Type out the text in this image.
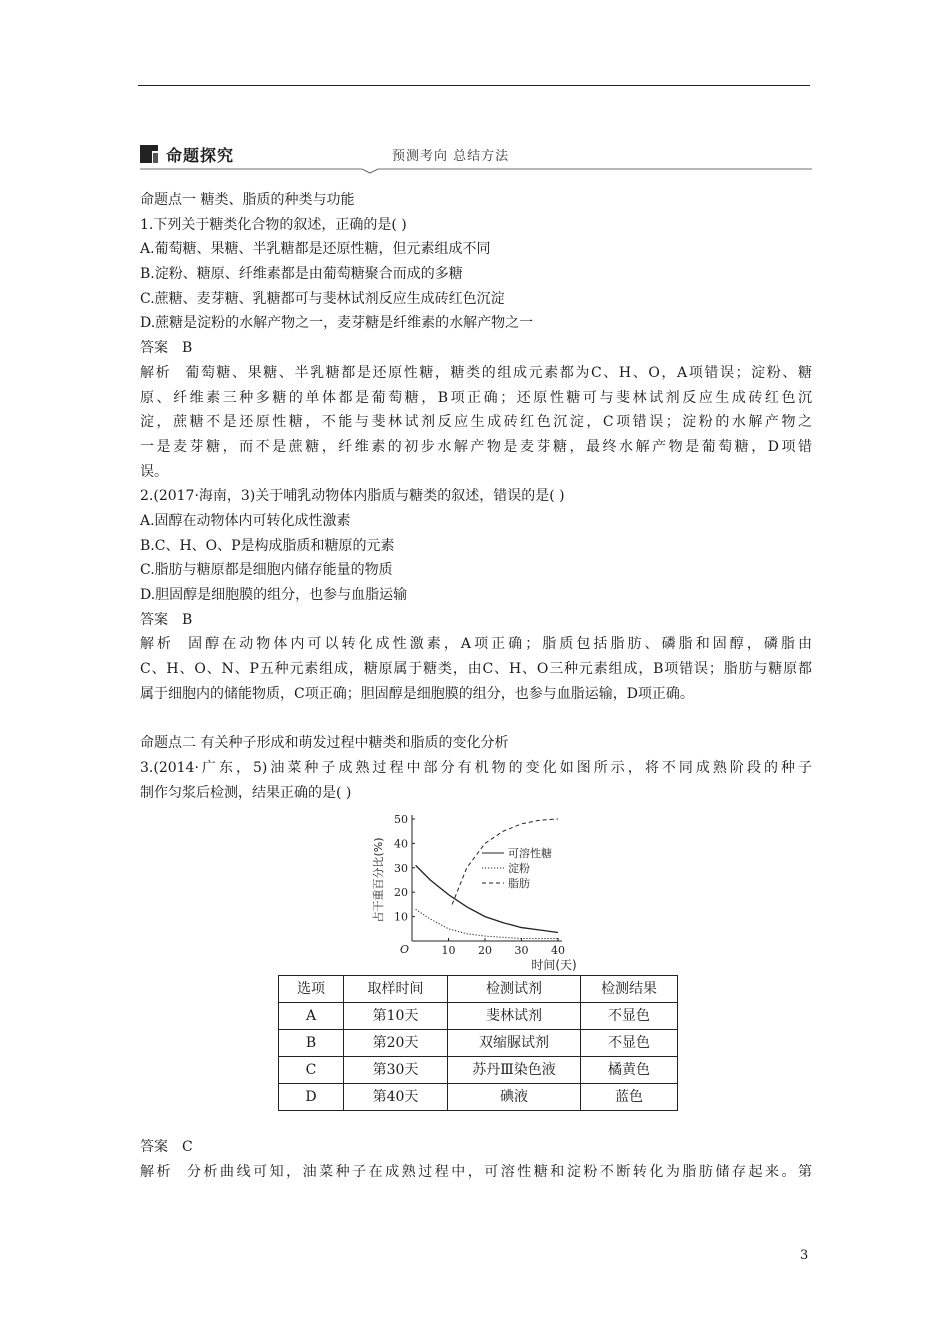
命题探究	预测考向 总结方法
命题点一 糖类、脂质的种类与功能
1.下列关于糖类化合物的叙述，正确的是( )
A.葡萄糖、果糖、半乳糖都是还原性糖，但元素组成不同
B.淀粉、糖原、纤维素都是由葡萄糖聚合而成的多糖
C.蔗糖、麦芽糖、乳糖都可与斐林试剂反应生成砖红色沉淀
D.蔗糖是淀粉的水解产物之一，麦芽糖是纤维素的水解产物之一
答案 B
解析 葡萄糖、果糖、半乳糖都是还原性糖，糖类的组成元素都为C、H、O，A项错误；淀粉、糖
原、纤维素三种多糖的单体都是葡萄糖，B项正确；还原性糖可与斐林试剂反应生成砖红色沉
淀，蔗糖不是还原性糖，不能与斐林试剂反应生成砖红色沉淀，C项错误；淀粉的水解产物之
一是麦芽糖，而不是蔗糖，纤维素的初步水解产物是麦芽糖，最终水解产物是葡萄糖，D项错
误。
2.(2017·海南，3)关于哺乳动物体内脂质与糖类的叙述，错误的是( )
A.固醇在动物体内可转化成性激素
B.C、H、O、P是构成脂质和糖原的元素
C.脂肪与糖原都是细胞内储存能量的物质
D.胆固醇是细胞膜的组分，也参与血脂运输
答案 B
解析 固醇在动物体内可以转化成性激素，A项正确；脂质包括脂肪、磷脂和固醇，磷脂由
C、H、O、N、P五种元素组成，糖原属于糖类，由C、H、O三种元素组成，B项错误；脂肪与糖原都
属于细胞内的储能物质，C项正确；胆固醇是细胞膜的组分，也参与血脂运输，D项正确。
命题点二 有关种子形成和萌发过程中糖类和脂质的变化分析
3.(2014·广东，5)油菜种子成熟过程中部分有机物的变化如图所示，将不同成熟阶段的种子
制作匀浆后检测，结果正确的是( )
10
20
30
40
50
10 20 30 40
O
时间(天)
占干重百分比(%)	可溶性糖
淀粉
脂肪
选项	取样时间	检测试剂	检测结果
A	第10天	斐林试剂	不显色
B	第20天	双缩脲试剂	不显色
C	第30天	苏丹Ⅲ染色液	橘黄色
D	第40天	碘液	蓝色
答案 C
解析 分析曲线可知，油菜种子在成熟过程中，可溶性糖和淀粉不断转化为脂肪储存起来。第
3
